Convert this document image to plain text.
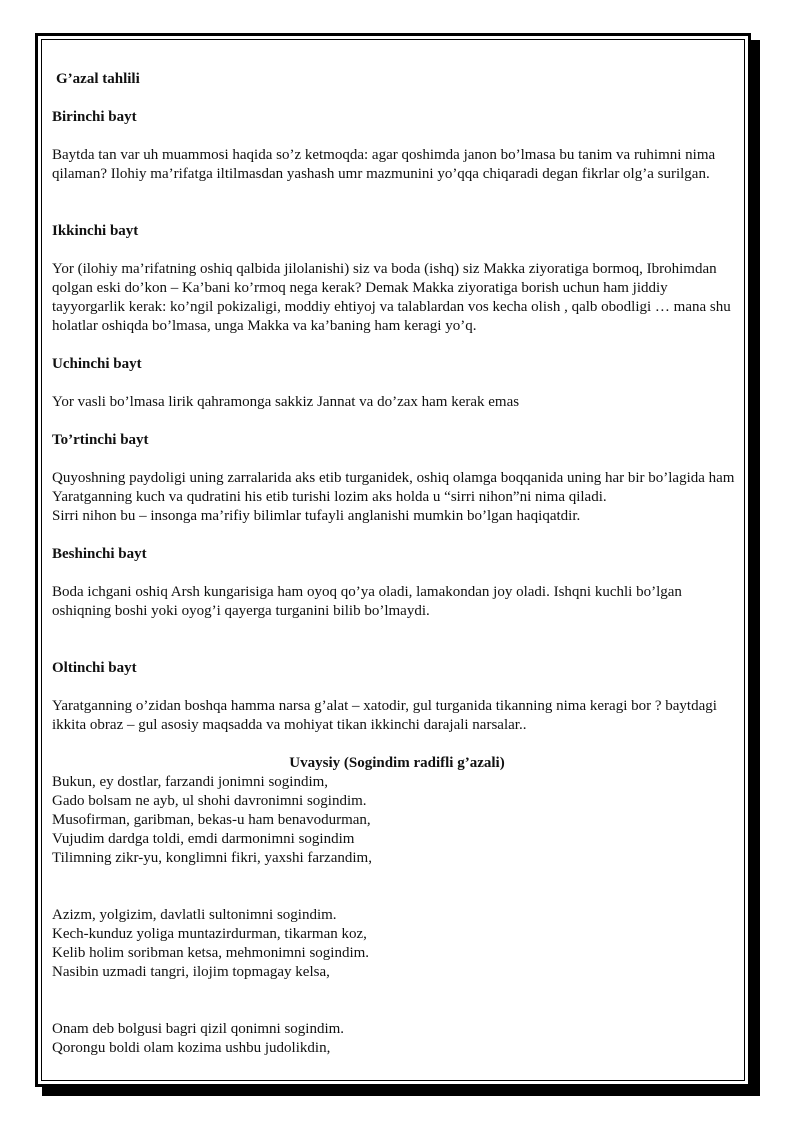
G’azal tahlili

Birinchi bayt

Baytda tan var uh muammosi haqida so’z ketmoqda: agar qoshimda janon bo’lmasa bu tanim va ruhimni nima qilaman? Ilohiy ma’rifatga iltilmasdan yashash umr mazmunini yo’qqa chiqaradi degan fikrlar olg’a surilgan.

Ikkinchi bayt

Yor (ilohiy ma’rifatning oshiq qalbida jilolanishi) siz va boda (ishq) siz Makka ziyoratiga bormoq, Ibrohimdan qolgan eski do’kon – Ka’bani ko’rmoq nega kerak? Demak Makka ziyoratiga borish uchun ham jiddiy tayyorgarlik kerak: ko’ngil pokizaligi, moddiy ehtiyoj va talablardan vos kecha olish , qalb obodligi … mana shu holatlar oshiqda bo’lmasa, unga Makka va ka’baning ham keragi yo’q.

Uchinchi bayt

Yor vasli bo’lmasa lirik qahramonga sakkiz Jannat va do’zax ham kerak emas

To’rtinchi bayt

Quyoshning paydoligi uning zarralarida aks etib turganidek, oshiq olamga boqqanida uning har bir bo’lagida ham Yaratganning kuch va qudratini his etib turishi lozim aks holda u “sirri nihon”ni nima qiladi.

Sirri nihon bu – insonga ma’rifiy bilimlar tufayli anglanishi mumkin bo’lgan haqiqatdir.

Beshinchi bayt

Boda ichgani oshiq Arsh kungarisiga ham oyoq qo’ya oladi, lamakondan joy oladi. Ishqni kuchli bo’lgan oshiqning boshi yoki oyog’i qayerga turganini bilib bo’lmaydi.

Oltinchi bayt

Yaratganning o’zidan boshqa hamma narsa g’alat – xatodir, gul turganida tikanning nima keragi bor ? baytdagi ikkita obraz – gul asosiy maqsadda va mohiyat tikan ikkinchi darajali narsalar..

Uvaysiy (Sogindim radifli g’azali)

Bukun, ey dostlar, farzandi jonimni sogindim,
Gado bolsam ne ayb, ul shohi davronimni sogindim.
Musofirman, garibman, bekas-u ham benavodurman,
Vujudim dardga toldi, emdi darmonimni sogindim
Tilimning zikr-yu, konglimni fikri, yaxshi farzandim,

Azizm, yolgizim, davlatli sultonimni sogindim.
Kech-kunduz yoliga muntazirdurman, tikarman koz,
Kelib holim soribman ketsa, mehmonimni sogindim.
Nasibin uzmadi tangri, ilojim topmagay kelsa,

Onam deb bolgusi bagri qizil qonimni sogindim.
Qorongu boldi olam kozima ushbu judolikdin,
